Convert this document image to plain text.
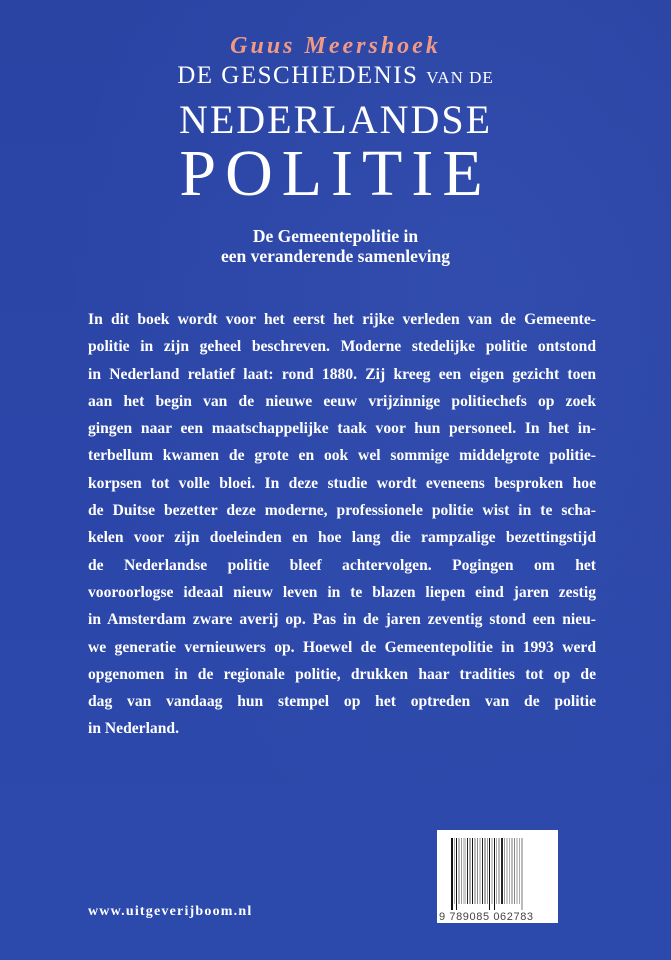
Guus Meershoek
DE GESCHIEDENIS VAN DE
NEDERLANDSE
POLITIE
De Gemeentepolitie in
een veranderende samenleving
In dit boek wordt voor het eerst het rijke verleden van de Gemeente-
politie in zijn geheel beschreven. Moderne stedelijke politie ontstond
in Nederland relatief laat: rond 1880. Zij kreeg een eigen gezicht toen
aan het begin van de nieuwe eeuw vrijzinnige politiechefs op zoek
gingen naar een maatschappelijke taak voor hun personeel. In het in-
terbellum kwamen de grote en ook wel sommige middelgrote politie-
korpsen tot volle bloei. In deze studie wordt eveneens besproken hoe
de Duitse bezetter deze moderne, professionele politie wist in te scha-
kelen voor zijn doeleinden en hoe lang die rampzalige bezettingstijd
de Nederlandse politie bleef achtervolgen. Pogingen om het
vooroorlogse ideaal nieuw leven in te blazen liepen eind jaren zestig
in Amsterdam zware averij op. Pas in de jaren zeventig stond een nieu-
we generatie vernieuwers op. Hoewel de Gemeentepolitie in 1993 werd
opgenomen in de regionale politie, drukken haar tradities tot op de
dag van vandaag hun stempel op het optreden van de politie
in Nederland.
www.uitgeverijboom.nl	9 789085 062783
